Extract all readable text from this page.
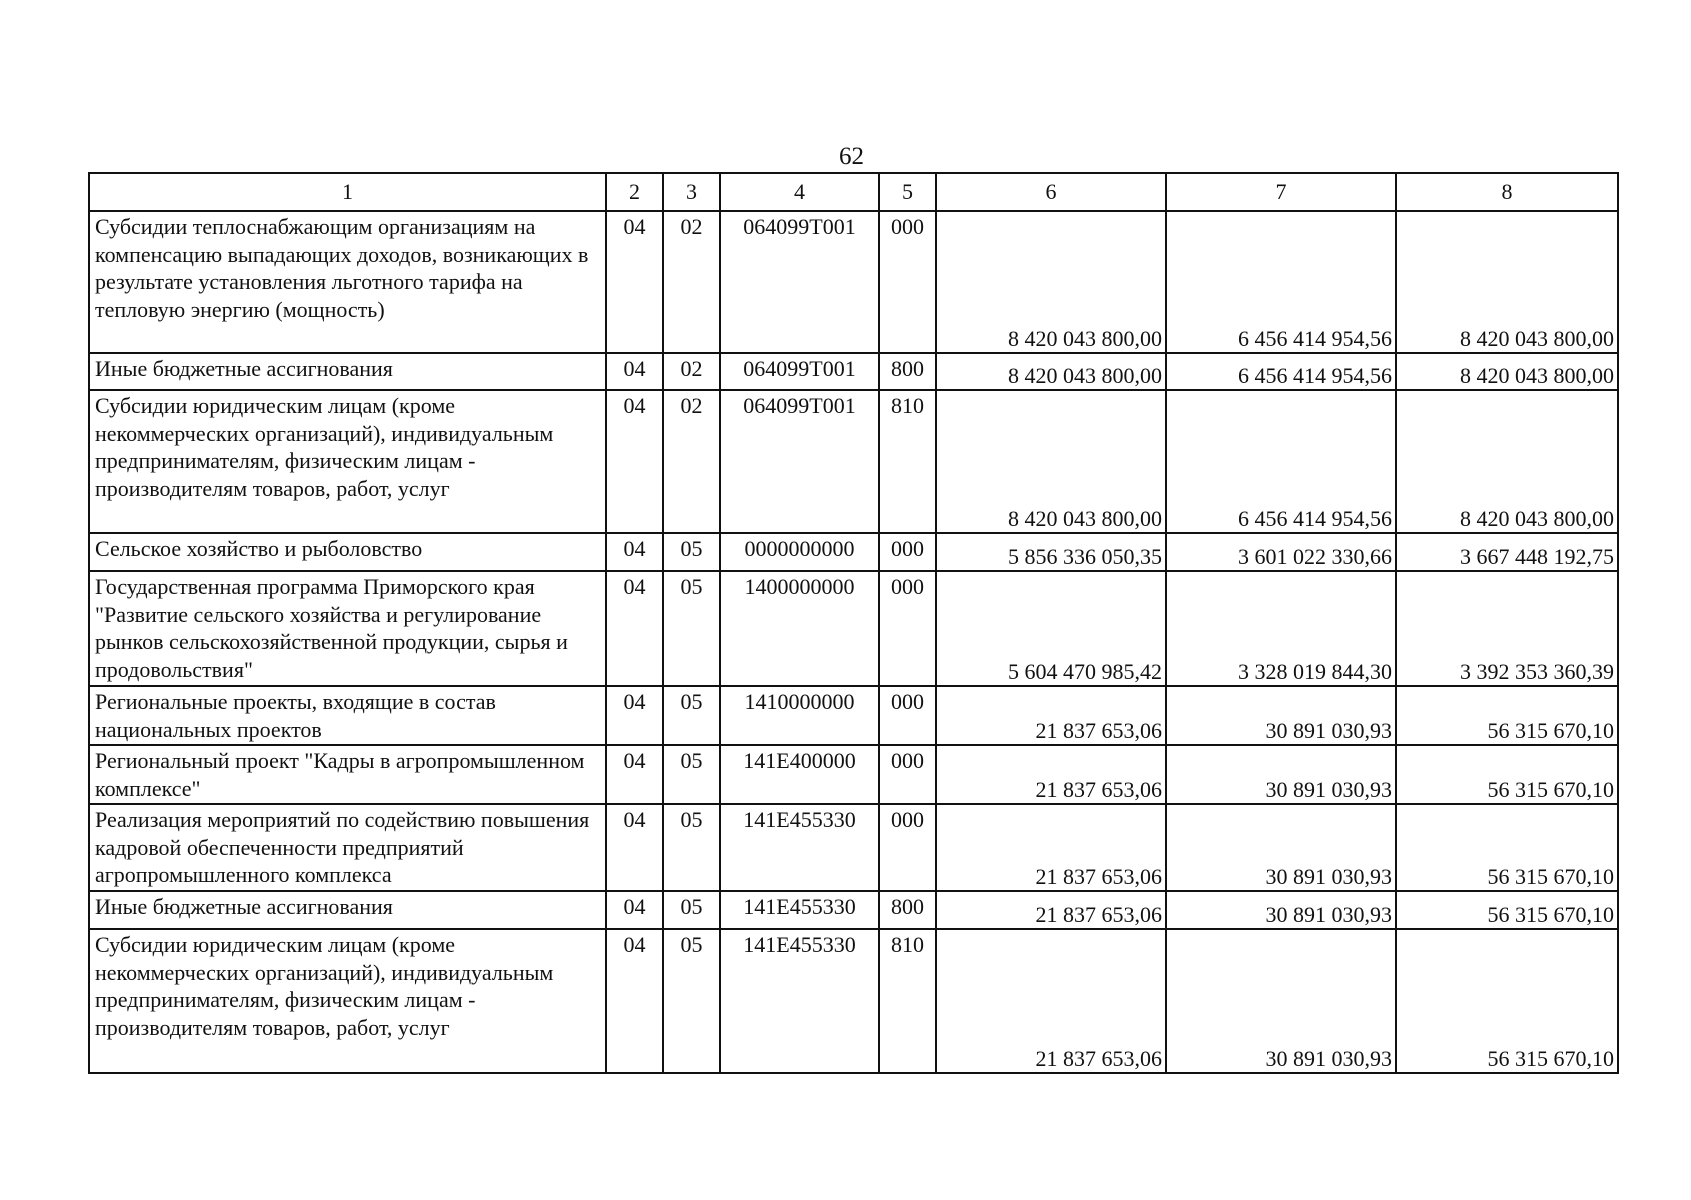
62
1	2	3	4	5	6	7	8
Субсидии теплоснабжающим организациям на компенсацию выпадающих доходов, возникающих в результате установления льготного тарифа на тепловую энергию (мощность)	04	02	064099Т001	000	8 420 043 800,00	6 456 414 954,56	8 420 043 800,00
Иные бюджетные ассигнования	04	02	064099Т001	800	8 420 043 800,00	6 456 414 954,56	8 420 043 800,00
Субсидии юридическим лицам (кроме некоммерческих организаций), индивидуальным предпринимателям, физическим лицам - производителям товаров, работ, услуг	04	02	064099Т001	810	8 420 043 800,00	6 456 414 954,56	8 420 043 800,00
Сельское хозяйство и рыболовство	04	05	0000000000	000	5 856 336 050,35	3 601 022 330,66	3 667 448 192,75
Государственная программа Приморского края "Развитие сельского хозяйства и регулирование рынков сельскохозяйственной продукции, сырья и продовольствия"	04	05	1400000000	000	5 604 470 985,42	3 328 019 844,30	3 392 353 360,39
Региональные проекты, входящие в состав национальных проектов	04	05	1410000000	000	21 837 653,06	30 891 030,93	56 315 670,10
Региональный проект "Кадры в агропромышленном комплексе"	04	05	141Е400000	000	21 837 653,06	30 891 030,93	56 315 670,10
Реализация мероприятий по содействию повышения кадровой обеспеченности предприятий агропромышленного комплекса	04	05	141Е455330	000	21 837 653,06	30 891 030,93	56 315 670,10
Иные бюджетные ассигнования	04	05	141Е455330	800	21 837 653,06	30 891 030,93	56 315 670,10
Субсидии юридическим лицам (кроме некоммерческих организаций), индивидуальным предпринимателям, физическим лицам - производителям товаров, работ, услуг	04	05	141Е455330	810	21 837 653,06	30 891 030,93	56 315 670,10
